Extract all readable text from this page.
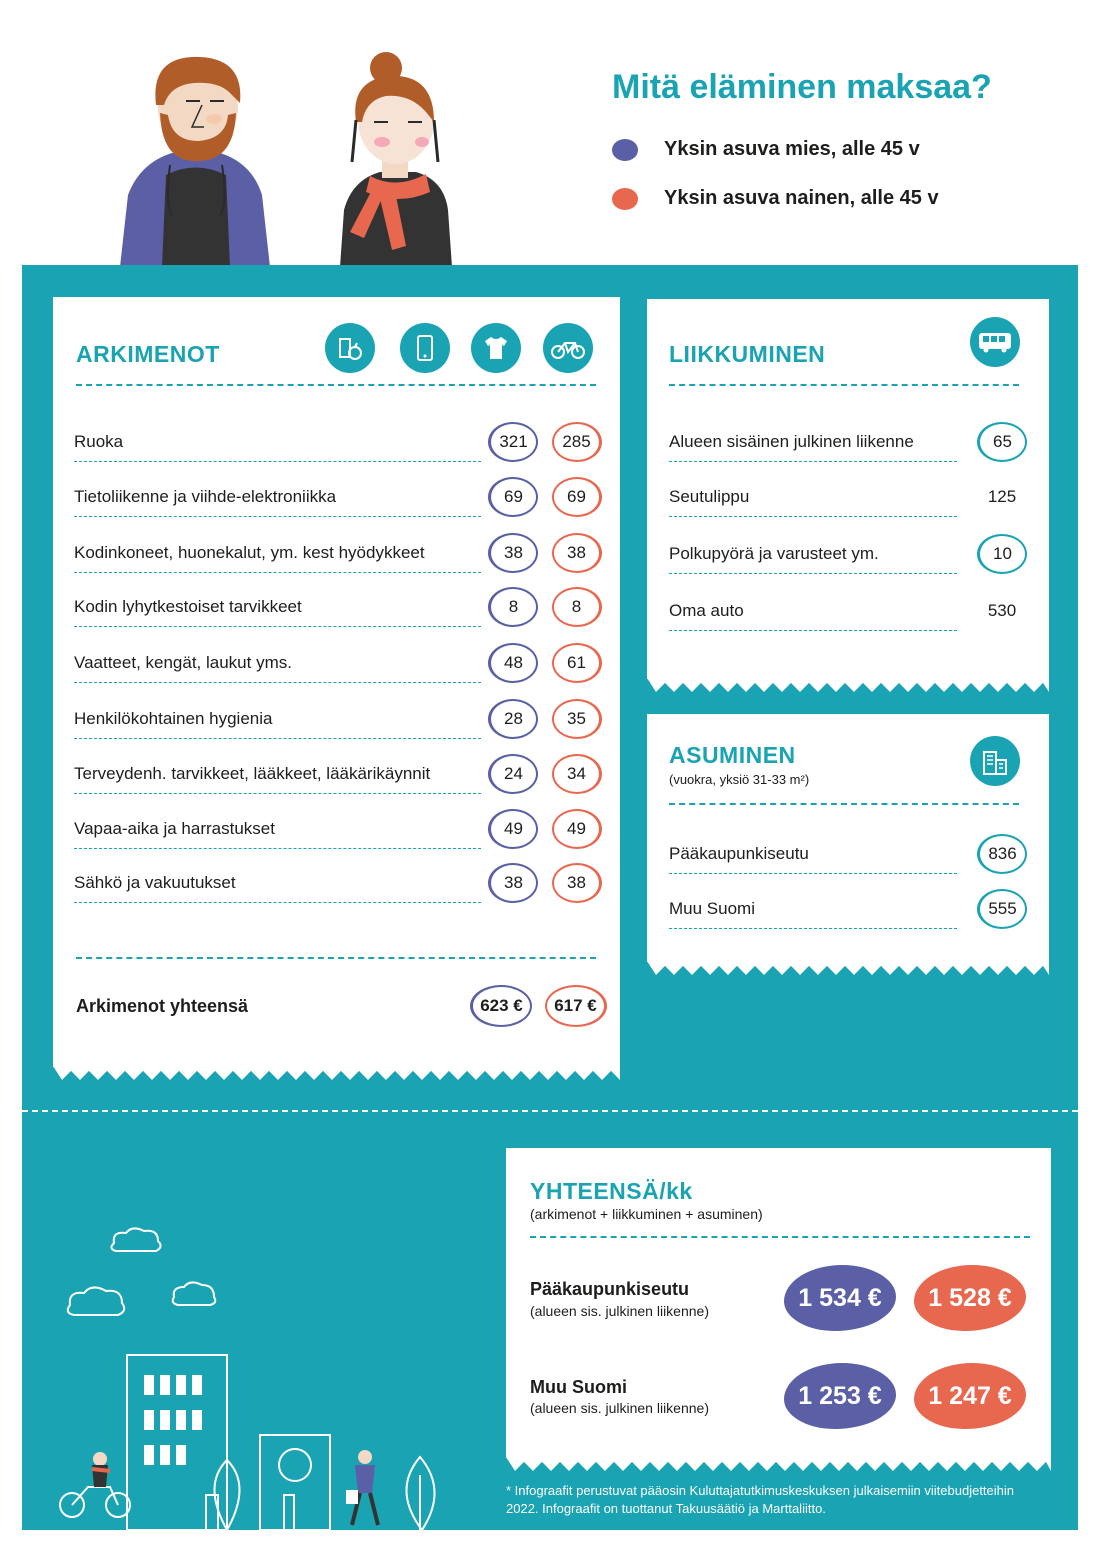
Mitä eläminen maksaa?
Yksin asuva mies, alle 45 v
Yksin asuva nainen, alle 45 v
ARKIMENOT
Arkimenot yhteensä	623 €	617 €
Ruoka	321	285
Tietoliikenne ja viihde-elektroniikka	69	69
Kodinkoneet, huonekalut, ym. kest hyödykkeet	38	38
Kodin lyhytkestoiset tarvikkeet	8	8
Vaatteet, kengät, laukut yms.	48	61
Henkilökohtainen hygienia	28	35
Terveydenh. tarvikkeet, lääkkeet, lääkärikäynnit	24	34
Vapaa-aika ja harrastukset	49	49
Sähkö ja vakuutukset	38	38
LIIKKUMINEN
Alueen sisäinen julkinen liikenne	65
Seutulippu	125
Polkupyörä ja varusteet ym.	10
Oma auto	530
ASUMINEN
(vuokra, yksiö 31-33 m²)
Pääkaupunkiseutu	836
Muu Suomi	555
YHTEENSÄ/kk
(arkimenot + liikkuminen + asuminen)
Pääkaupunkiseutu
(alueen sis. julkinen liikenne)	1 534 €	1 528 €
Muu Suomi
(alueen sis. julkinen liikenne)	1 253 €	1 247 €
* Infograafit perustuvat pääosin Kuluttajatutkimuskeskuksen julkaisemiin viitebudjetteihin 2022. Infograafit on tuottanut Takuusäätiö ja Marttaliitto.
